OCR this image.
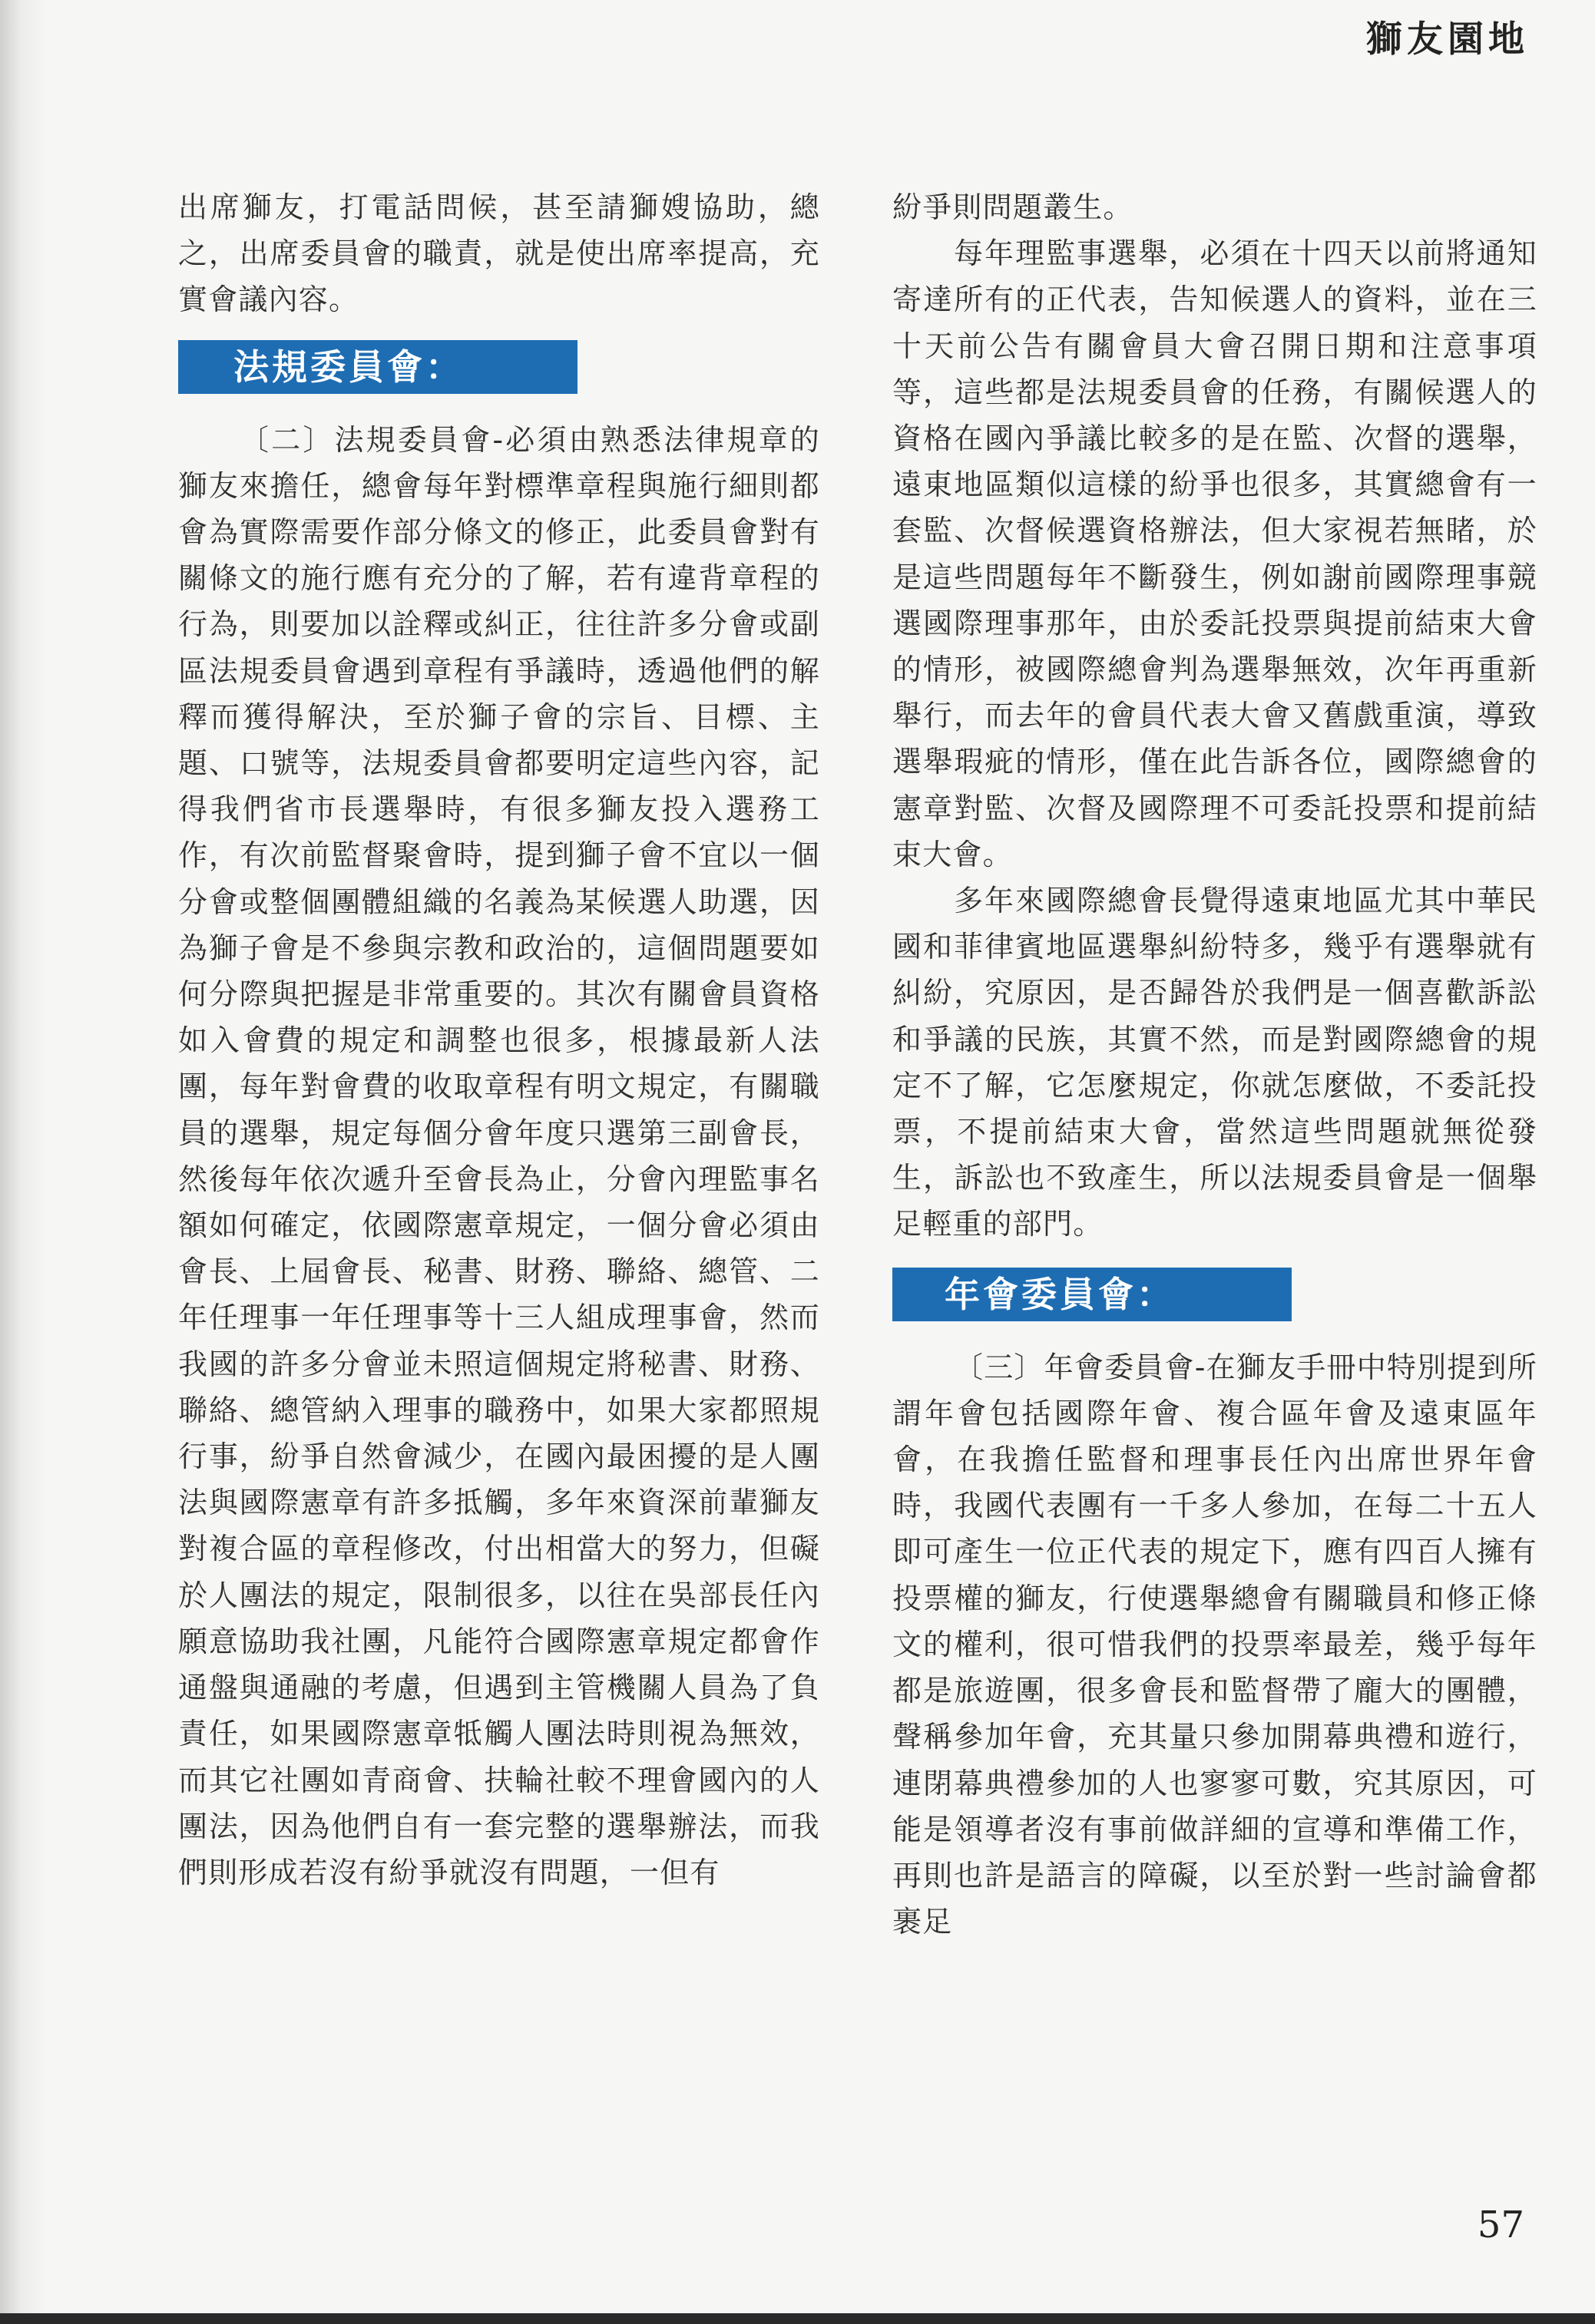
獅友園地

出席獅友，打電話問候，甚至請獅嫂協助，總之，出席委員會的職責，就是使出席率提高，充實會議內容。

法規委員會：

〔二〕法規委員會-必須由熟悉法律規章的獅友來擔任，總會每年對標準章程與施行細則都會為實際需要作部分條文的修正，此委員會對有關條文的施行應有充分的了解，若有違背章程的行為，則要加以詮釋或糾正，往往許多分會或副區法規委員會遇到章程有爭議時，透過他們的解釋而獲得解決，至於獅子會的宗旨、目標、主題、口號等，法規委員會都要明定這些內容，記得我們省市長選舉時，有很多獅友投入選務工作，有次前監督聚會時，提到獅子會不宜以一個分會或整個團體組織的名義為某候選人助選，因為獅子會是不參與宗教和政治的，這個問題要如何分際與把握是非常重要的。其次有關會員資格如入會費的規定和調整也很多，根據最新人法團，每年對會費的收取章程有明文規定，有關職員的選舉，規定每個分會年度只選第三副會長，然後每年依次遞升至會長為止，分會內理監事名額如何確定，依國際憲章規定，一個分會必須由會長、上屆會長、秘書、財務、聯絡、總管、二年任理事一年任理事等十三人組成理事會，然而我國的許多分會並未照這個規定將秘書、財務、聯絡、總管納入理事的職務中，如果大家都照規行事，紛爭自然會減少，在國內最困擾的是人團法與國際憲章有許多抵觸，多年來資深前輩獅友對複合區的章程修改，付出相當大的努力，但礙於人團法的規定，限制很多，以往在吳部長任內願意協助我社團，凡能符合國際憲章規定都會作通盤與通融的考慮，但遇到主管機關人員為了負責任，如果國際憲章牴觸人團法時則視為無效，而其它社團如青商會、扶輪社較不理會國內的人團法，因為他們自有一套完整的選舉辦法，而我們則形成若沒有紛爭就沒有問題，一但有

紛爭則問題叢生。

每年理監事選舉，必須在十四天以前將通知寄達所有的正代表，告知候選人的資料，並在三十天前公告有關會員大會召開日期和注意事項等，這些都是法規委員會的任務，有關候選人的資格在國內爭議比較多的是在監、次督的選舉，遠東地區類似這樣的紛爭也很多，其實總會有一套監、次督候選資格辦法，但大家視若無睹，於是這些問題每年不斷發生，例如謝前國際理事競選國際理事那年，由於委託投票與提前結束大會的情形，被國際總會判為選舉無效，次年再重新舉行，而去年的會員代表大會又舊戲重演，導致選舉瑕疵的情形，僅在此告訴各位，國際總會的憲章對監、次督及國際理不可委託投票和提前結束大會。

多年來國際總會長覺得遠東地區尤其中華民國和菲律賓地區選舉糾紛特多，幾乎有選舉就有糾紛，究原因，是否歸咎於我們是一個喜歡訴訟和爭議的民族，其實不然，而是對國際總會的規定不了解，它怎麼規定，你就怎麼做，不委託投票，不提前結束大會，當然這些問題就無從發生，訴訟也不致產生，所以法規委員會是一個舉足輕重的部門。

年會委員會：

〔三〕年會委員會-在獅友手冊中特別提到所謂年會包括國際年會、複合區年會及遠東區年會，在我擔任監督和理事長任內出席世界年會時，我國代表團有一千多人參加，在每二十五人即可產生一位正代表的規定下，應有四百人擁有投票權的獅友，行使選舉總會有關職員和修正條文的權利，很可惜我們的投票率最差，幾乎每年都是旅遊團，很多會長和監督帶了龐大的團體，聲稱參加年會，充其量只參加開幕典禮和遊行，連閉幕典禮參加的人也寥寥可數，究其原因，可能是領導者沒有事前做詳細的宣導和準備工作，再則也許是語言的障礙，以至於對一些討論會都裹足

57
